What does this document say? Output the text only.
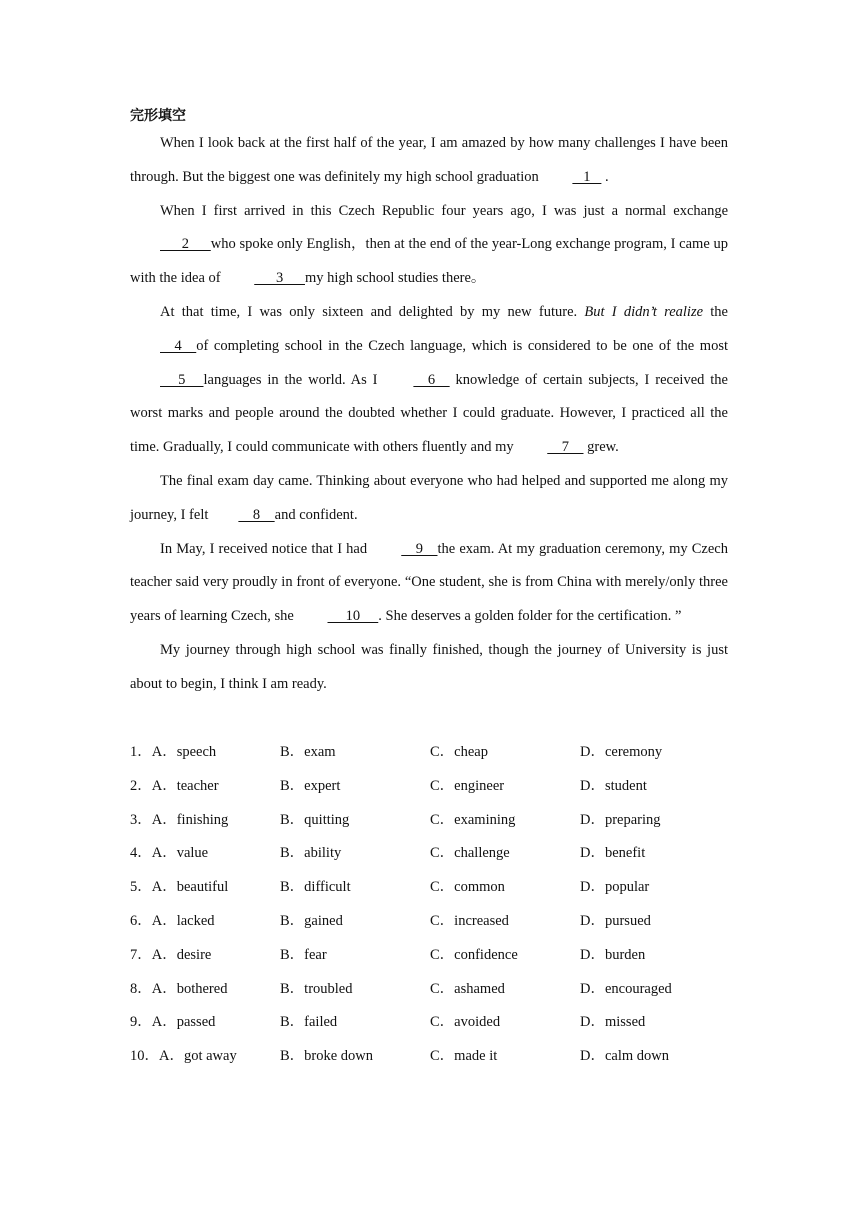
完形填空

When I look back at the first half of the year, I am amazed by how many challenges I have been through. But the biggest one was definitely my high school graduation    1    .

When I first arrived in this Czech Republic four years ago, I was just a normal exchange       2      who spoke only English，then at the end of the year-Long exchange program, I came up with the idea of       3      my high school studies there。

At that time, I was only sixteen and delighted by my new future. But I didn’t realize the     4    of completing school in the Czech language, which is considered to be one of the most      5     languages in the world. As I     6     knowledge of certain subjects, I received the worst marks and people around the doubted whether I could graduate. However, I practiced all the time. Gradually, I could communicate with others fluently and my     7     grew.

The final exam day came. Thinking about everyone who had helped and supported me along my journey, I felt    8    and confident.

In May, I received notice that I had     9    the exam. At my graduation ceremony, my Czech teacher said very proudly in front of everyone. “One student, she is from China with merely/only three years of learning Czech, she      10     . She deserves a golden folder for the certification. ”

My journey through high school was finally finished, though the journey of University is just about to begin, I think I am ready.

1．A．speech	B．exam	C．cheap	D．ceremony
2．A．teacher	B．expert	C．engineer	D．student
3．A．finishing	B．quitting	C．examining	D．preparing
4．A．value	B．ability	C．challenge	D．benefit
5．A．beautiful	B．difficult	C．common	D．popular
6．A．lacked	B．gained	C．increased	D．pursued
7．A．desire	B．fear	C．confidence	D．burden
8．A．bothered	B．troubled	C．ashamed	D．encouraged
9．A．passed	B．failed	C．avoided	D．missed
10．A．got away	B．broke down	C．made it	D．calm down
